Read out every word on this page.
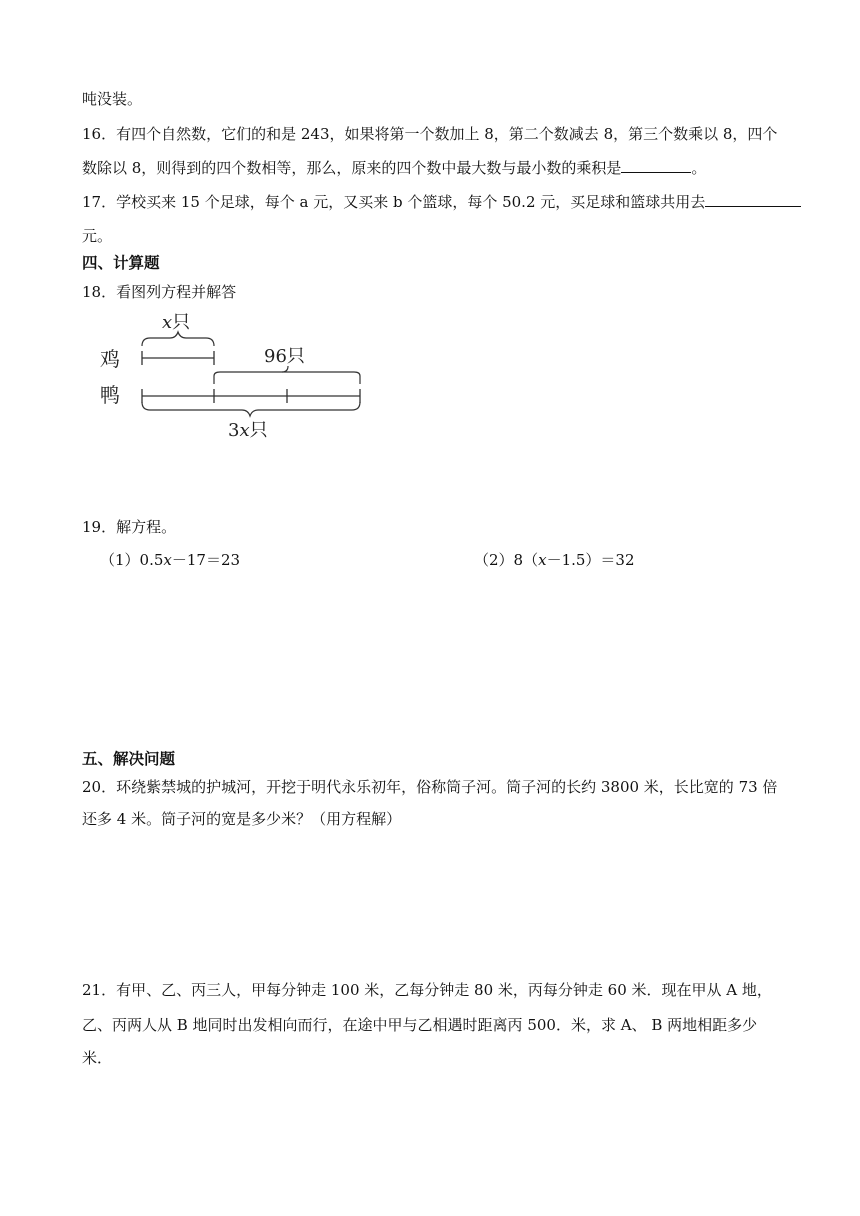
吨没装。
16．有四个自然数，它们的和是 243，如果将第一个数加上 8，第二个数减去 8，第三个数乘以 8，四个
数除以 8，则得到的四个数相等，那么，原来的四个数中最大数与最小数的乘积是	。
17．学校买来 15 个足球，每个 a 元，又买来 b 个篮球，每个 50.2 元，买足球和篮球共用去
元。
四、计算题
18．看图列方程并解答
x只
鸡
鸭
96只
3x只
19．解方程。
（1）0.5x－17＝23	（2）8（x－1.5）＝32
五、解决问题
20．环绕紫禁城的护城河，开挖于明代永乐初年，俗称筒子河。筒子河的长约 3800 米，长比宽的 73 倍
还多 4 米。筒子河的宽是多少米？（用方程解）
21．有甲、乙、丙三人，甲每分钟走 100 米，乙每分钟走 80 米，丙每分钟走 60 米．现在甲从 A 地，
乙、丙两人从 B 地同时出发相向而行，在途中甲与乙相遇时距离丙 500．米，求 A、 B 两地相距多少
米．
